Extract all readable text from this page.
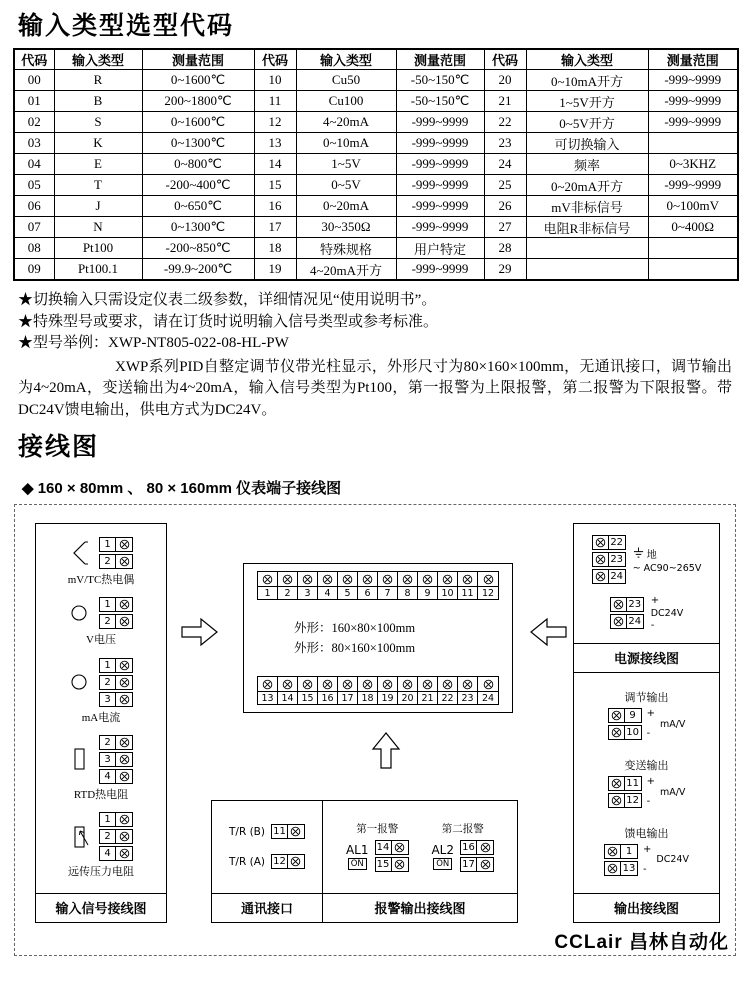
输入类型选型代码
代码	输入类型	测量范围	代码	输入类型	测量范围	代码	输入类型	测量范围
00	R	0~1600℃	10	Cu50	-50~150℃	20	0~10mA开方	-999~9999
01	B	200~1800℃	11	Cu100	-50~150℃	21	1~5V开方	-999~9999
02	S	0~1600℃	12	4~20mA	-999~9999	22	0~5V开方	-999~9999
03	K	0~1300℃	13	0~10mA	-999~9999	23	可切换输入	
04	E	0~800℃	14	1~5V	-999~9999	24	频率	0~3KHZ
05	T	-200~400℃	15	0~5V	-999~9999	25	0~20mA开方	-999~9999
06	J	0~650℃	16	0~20mA	-999~9999	26	mV非标信号	0~100mV
07	N	0~1300℃	17	30~350Ω	-999~9999	27	电阻R非标信号	0~400Ω
08	Pt100	-200~850℃	18	特殊规格	用户特定	28		
09	Pt100.1	-99.9~200℃	19	4~20mA开方	-999~9999	29		
★切换输入只需设定仪表二级参数，详细情况见“使用说明书”。
★特殊型号或要求，请在订货时说明输入信号类型或参考标准。
★型号举例：XWP-NT805-022-08-HL-PW

XWP系列PID自整定调节仪带光柱显示，外形尺寸为80×160×100mm，无通讯接口，调节输出为4~20mA，变送输出为4~20mA，输入信号类型为Pt100，第一报警为上限报警，第二报警为下限报警。带DC24V馈电输出，供电方式为DC24V。

接线图
◆ 160 × 80mm 、 80 × 160mm 仪表端子接线图
1
2
mV/TC热电偶
1
2
V电压
1
2
3
mA电流
2
3
4
RTD热电阻
1
2
4
远传压力电阻
输入信号接线图
1	2	3	4	5	6	7	8	9	10 11 12
外形：160×80×100mm
外形：80×160×100mm
13 14 15 16 17 18 19 20 21 22 23 24
T/R (B) 11
T/R (A) 12
通讯接口
第一报警
AL1
ON
14
15
第二报警
AL2
ON
16
17
报警输出接线图
22
23
24
地
~ AC90~265V
23
24
+
DC24V
-
电源接线图
调节输出
9
10
+
-
mA/V
变送输出
11
12
+
-
mA/V
馈电输出
1
13
+
-
DC24V
输出接线图
CCLair 昌林自动化
